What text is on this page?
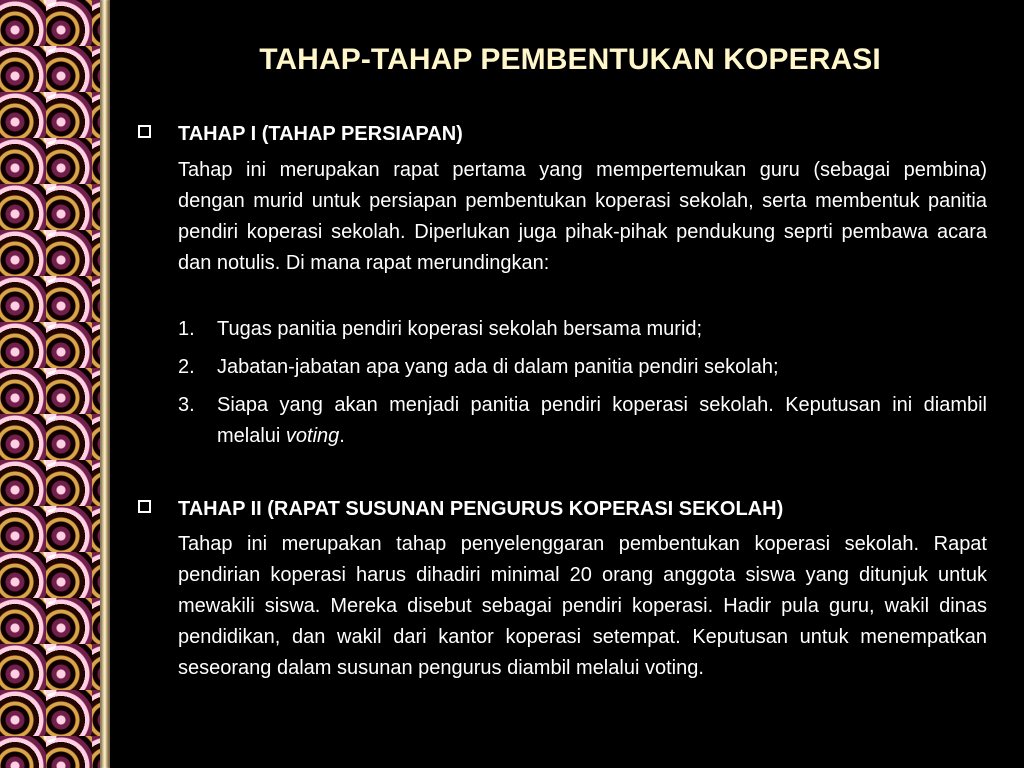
TAHAP-TAHAP PEMBENTUKAN KOPERASI
TAHAP I (TAHAP PERSIAPAN)
Tahap ini merupakan rapat pertama yang mempertemukan guru (sebagai pembina) dengan murid untuk persiapan pembentukan koperasi sekolah, serta membentuk panitia pendiri koperasi sekolah. Diperlukan juga pihak-pihak pendukung seprti pembawa acara dan notulis. Di mana rapat merundingkan:
1.	Tugas panitia pendiri koperasi sekolah bersama murid;
2.	Jabatan-jabatan apa yang ada di dalam panitia pendiri sekolah;
3.	Siapa yang akan menjadi panitia pendiri koperasi sekolah. Keputusan ini diambil melalui voting.
TAHAP II (RAPAT SUSUNAN PENGURUS KOPERASI SEKOLAH)
Tahap ini merupakan tahap penyelenggaran pembentukan koperasi sekolah. Rapat pendirian koperasi harus dihadiri minimal 20 orang anggota siswa yang ditunjuk untuk mewakili siswa. Mereka disebut sebagai pendiri koperasi. Hadir pula guru, wakil dinas pendidikan, dan wakil dari kantor koperasi setempat. Keputusan untuk menempatkan seseorang dalam susunan pengurus diambil melalui voting.
